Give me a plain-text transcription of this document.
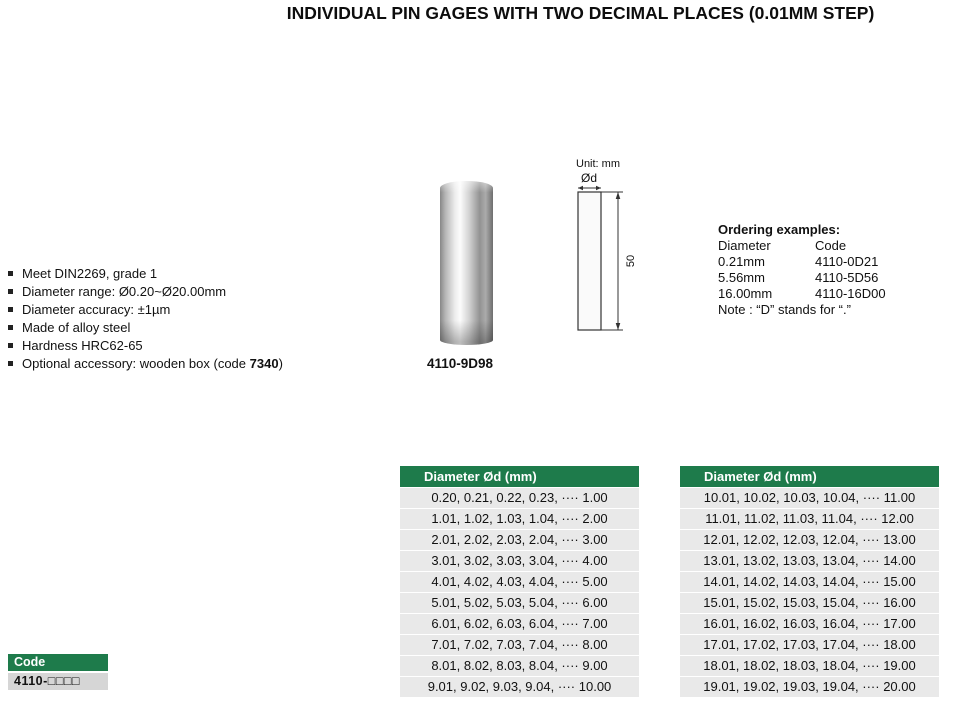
INDIVIDUAL PIN GAGES WITH TWO DECIMAL PLACES (0.01MM STEP)
Meet DIN2269, grade 1
Diameter range: Ø0.20~Ø20.00mm
Diameter accuracy: ±1µm
Made of alloy steel
Hardness HRC62-65
Optional accessory: wooden box (code 7340)	4110-9D98
Unit: mm
Ød
50
Ordering examples:
Diameter	Code
0.21mm	4110-0D21
5.56mm	4110-5D56
16.00mm	4110-16D00
Note : “D” stands for “.”
Code
4110-□□□□
Diameter Ød (mm)
0.20, 0.21, 0.22, 0.23, ···· 1.00
1.01, 1.02, 1.03, 1.04, ···· 2.00
2.01, 2.02, 2.03, 2.04, ···· 3.00
3.01, 3.02, 3.03, 3.04, ···· 4.00
4.01, 4.02, 4.03, 4.04, ···· 5.00
5.01, 5.02, 5.03, 5.04, ···· 6.00
6.01, 6.02, 6.03, 6.04, ···· 7.00
7.01, 7.02, 7.03, 7.04, ···· 8.00
8.01, 8.02, 8.03, 8.04, ···· 9.00
9.01, 9.02, 9.03, 9.04, ···· 10.00
Diameter Ød (mm)
10.01, 10.02, 10.03, 10.04, ···· 11.00
11.01, 11.02, 11.03, 11.04, ···· 12.00
12.01, 12.02, 12.03, 12.04, ···· 13.00
13.01, 13.02, 13.03, 13.04, ···· 14.00
14.01, 14.02, 14.03, 14.04, ···· 15.00
15.01, 15.02, 15.03, 15.04, ···· 16.00
16.01, 16.02, 16.03, 16.04, ···· 17.00
17.01, 17.02, 17.03, 17.04, ···· 18.00
18.01, 18.02, 18.03, 18.04, ···· 19.00
19.01, 19.02, 19.03, 19.04, ···· 20.00
